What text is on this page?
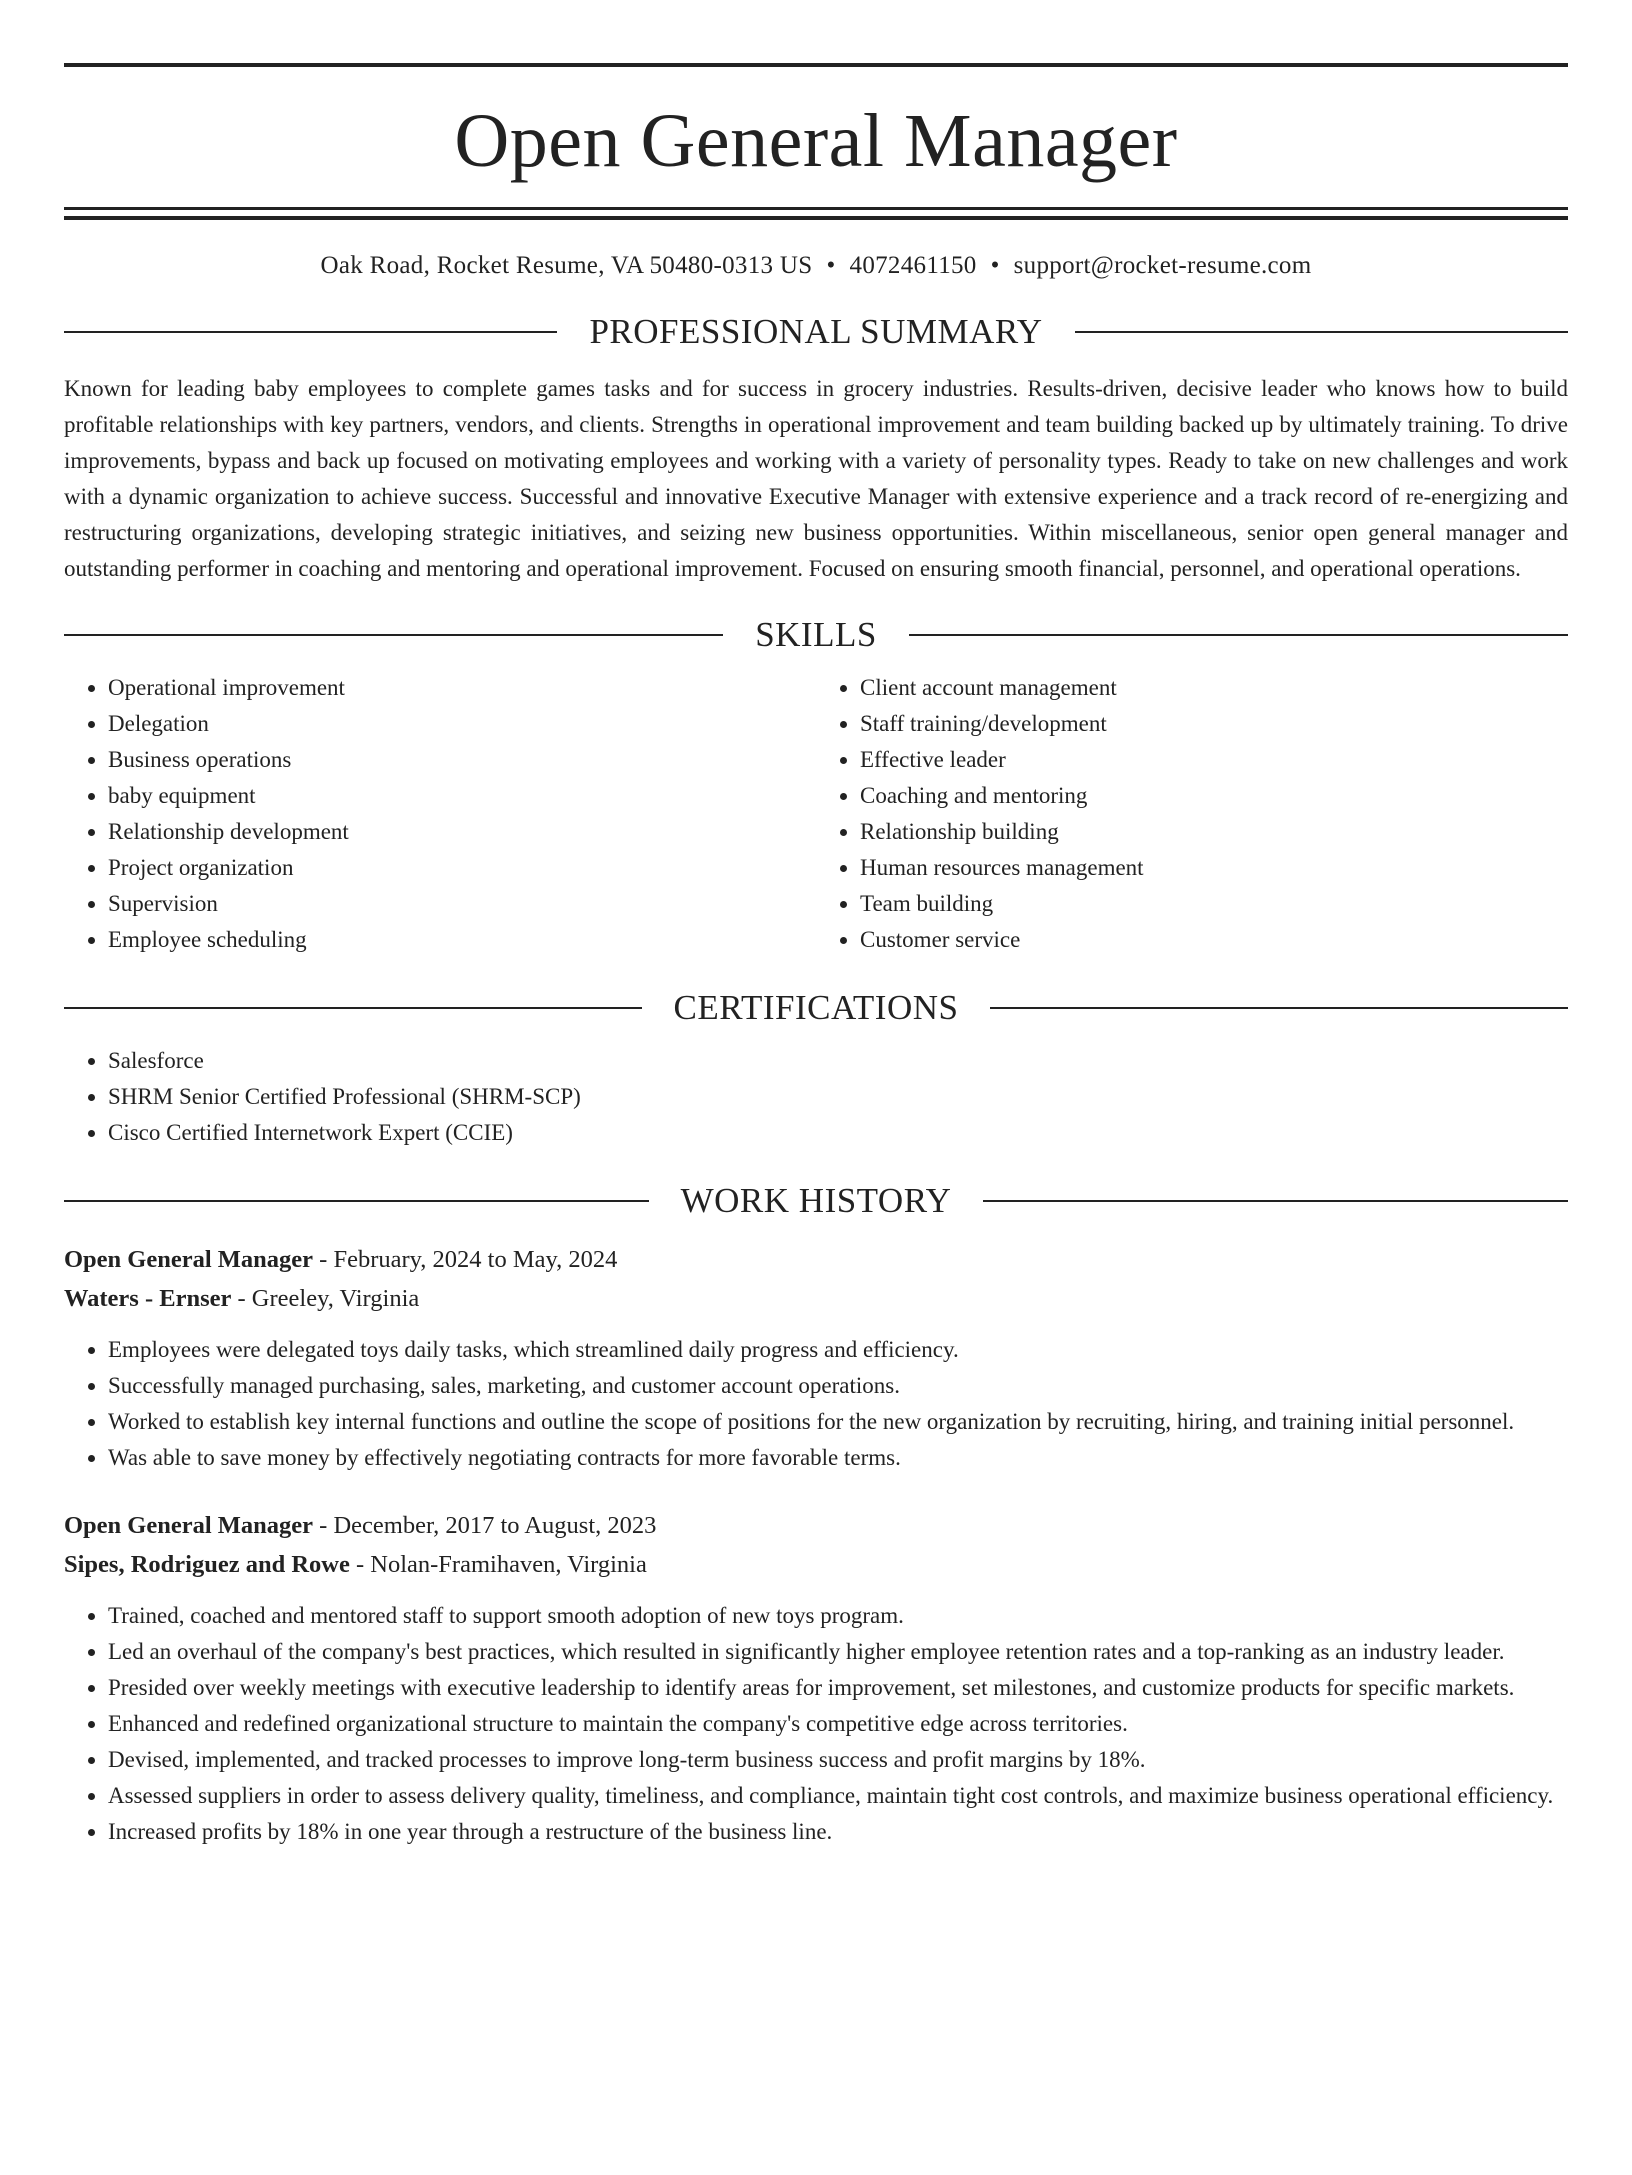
Open General Manager
Oak Road, Rocket Resume, VA 50480-0313 US • 4072461150 • support@rocket-resume.com
PROFESSIONAL SUMMARY
Known for leading baby employees to complete games tasks and for success in grocery industries. Results-driven, decisive leader who knows how to build profitable relationships with key partners, vendors, and clients. Strengths in operational improvement and team building backed up by ultimately training. To drive improvements, bypass and back up focused on motivating employees and working with a variety of personality types. Ready to take on new challenges and work with a dynamic organization to achieve success. Successful and innovative Executive Manager with extensive experience and a track record of re-energizing and restructuring organizations, developing strategic initiatives, and seizing new business opportunities. Within miscellaneous, senior open general manager and outstanding performer in coaching and mentoring and operational improvement. Focused on ensuring smooth financial, personnel, and operational operations.
SKILLS
• Operational improvement
• Delegation
• Business operations
• baby equipment
• Relationship development
• Project organization
• Supervision
• Employee scheduling
• Client account management
• Staff training/development
• Effective leader
• Coaching and mentoring
• Relationship building
• Human resources management
• Team building
• Customer service
CERTIFICATIONS
• Salesforce
• SHRM Senior Certified Professional (SHRM-SCP)
• Cisco Certified Internetwork Expert (CCIE)
WORK HISTORY
Open General Manager - February, 2024 to May, 2024
Waters - Ernser - Greeley, Virginia
• Employees were delegated toys daily tasks, which streamlined daily progress and efficiency.
• Successfully managed purchasing, sales, marketing, and customer account operations.
• Worked to establish key internal functions and outline the scope of positions for the new organization by recruiting, hiring, and training initial personnel.
• Was able to save money by effectively negotiating contracts for more favorable terms.
Open General Manager - December, 2017 to August, 2023
Sipes, Rodriguez and Rowe - Nolan-Framihaven, Virginia
• Trained, coached and mentored staff to support smooth adoption of new toys program.
• Led an overhaul of the company's best practices, which resulted in significantly higher employee retention rates and a top-ranking as an industry leader.
• Presided over weekly meetings with executive leadership to identify areas for improvement, set milestones, and customize products for specific markets.
• Enhanced and redefined organizational structure to maintain the company's competitive edge across territories.
• Devised, implemented, and tracked processes to improve long-term business success and profit margins by 18%.
• Assessed suppliers in order to assess delivery quality, timeliness, and compliance, maintain tight cost controls, and maximize business operational efficiency.
• Increased profits by 18% in one year through a restructure of the business line.
